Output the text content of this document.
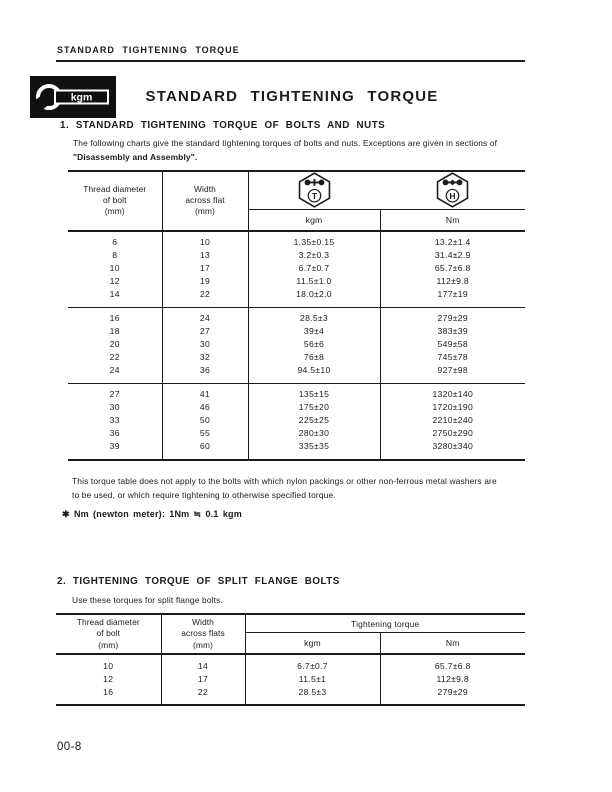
STANDARD TIGHTENING TORQUE
kgm	STANDARD TIGHTENING TORQUE
1. STANDARD TIGHTENING TORQUE OF BOLTS AND NUTS
The following charts give the standard tightening torques of bolts and nuts. Exceptions are given in sections of
"Disassembly and Assembly".
Thread diameter
of bolt
(mm)

Width
across flat
(mm)

T	H

		kgm	Nm
6	10	1.35±0.15	13.2±1.4
8	13	3.2±0.3	31.4±2.9
10	17	6.7±0.7	65.7±6.8
12	19	11.5±1.0	112±9.8
14	22	18.0±2.0	177±19
16	24	28.5±3	279±29
18	27	39±4	383±39
20	30	56±6	549±58
22	32	76±8	745±78
24	36	94.5±10	927±98
27	41	135±15	1320±140
30	46	175±20	1720±190
33	50	225±25	2210±240
36	55	280±30	2750±290
39	60	335±35	3280±340
This torque table does not apply to the bolts with which nylon packings or other non-ferrous metal washers are
to be used, or which require tightening to otherwise specified torque.
✱ Nm (newton meter): 1Nm ≒ 0.1 kgm
2. TIGHTENING TORQUE OF SPLIT FLANGE BOLTS
Use these torques for split flange bolts.
Thread diameter
of bolt
(mm)

Width
across flats
(mm)
	Tightening torque
		kgm	Nm
10	14	6.7±0.7	65.7±6.8
12	17	11.5±1	112±9.8
16	22	28.5±3	279±29
00-8
